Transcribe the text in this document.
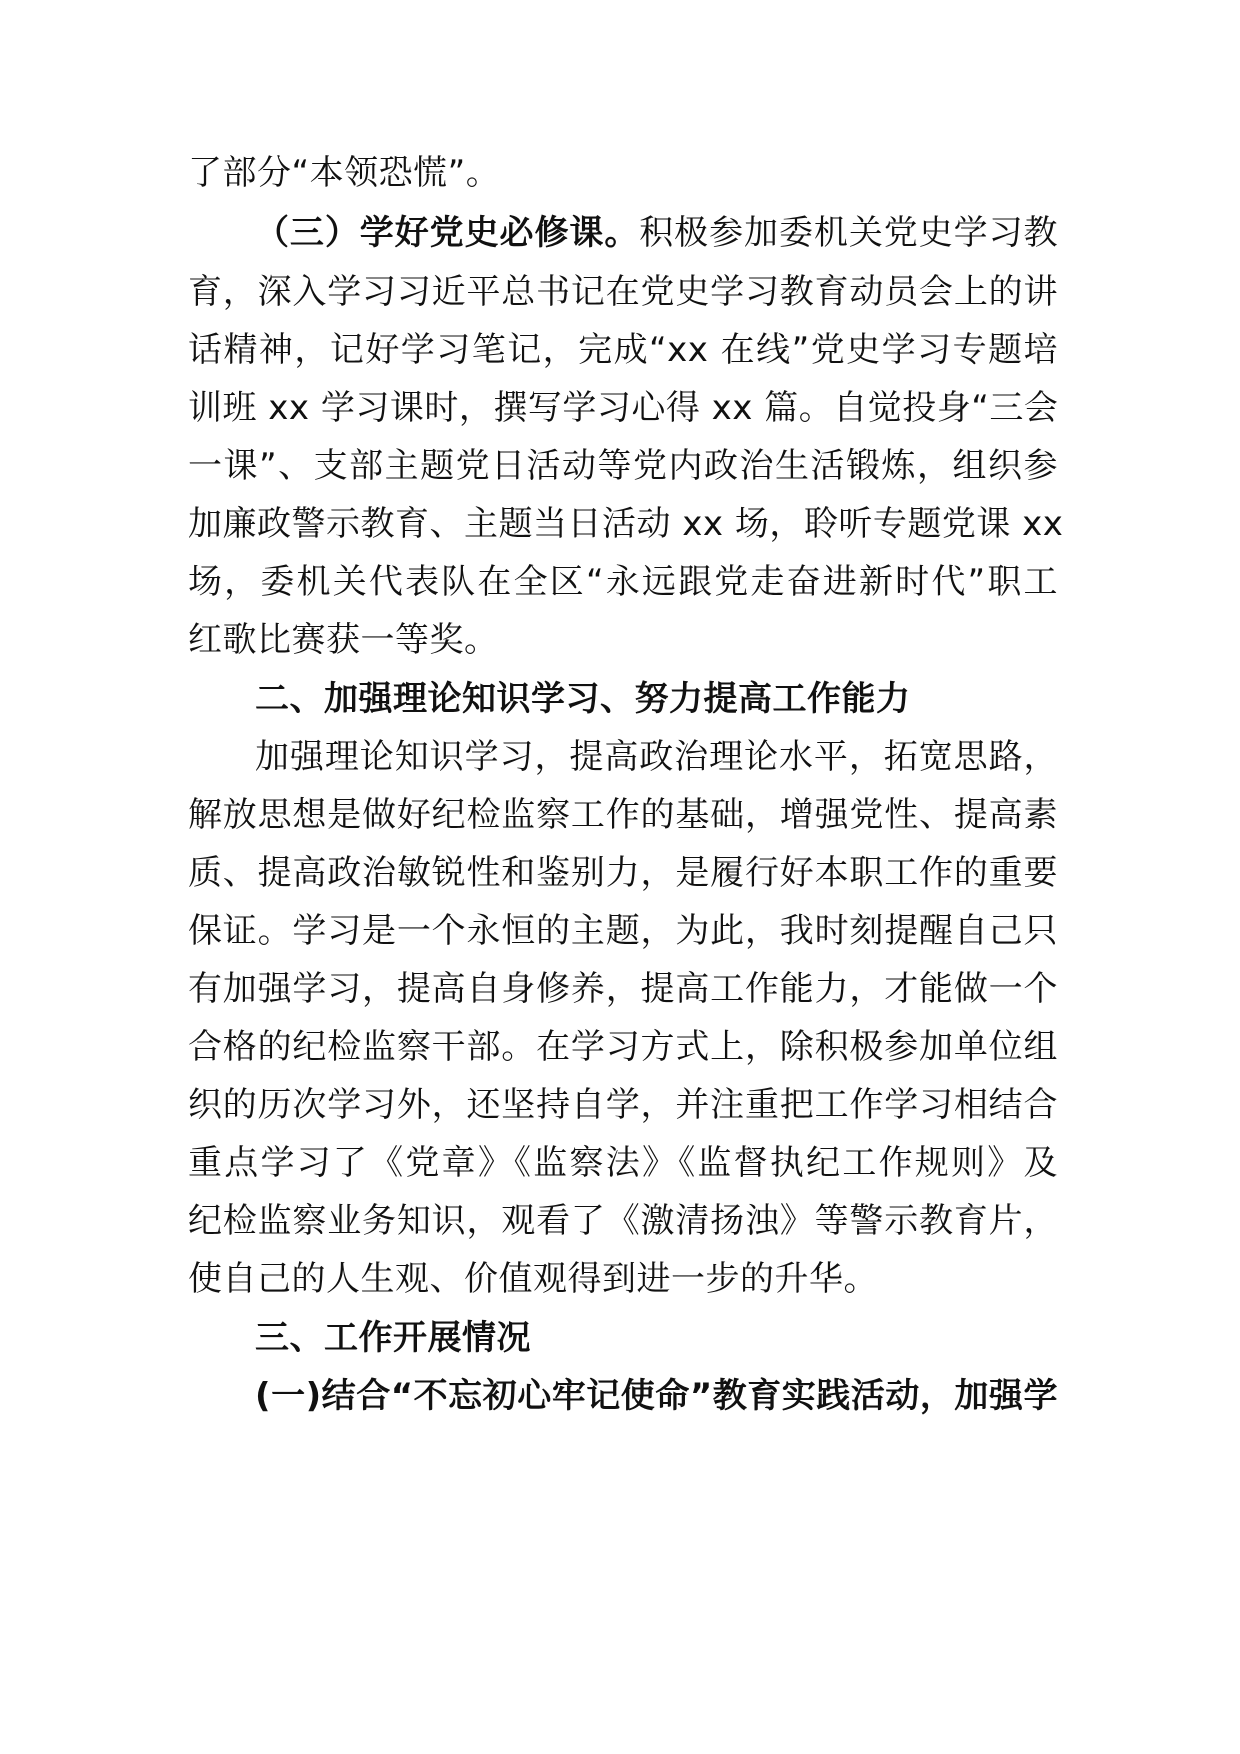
了部分“本领恐慌”。
（三）学好党史必修课。积极参加委机关党史学习教
育，深入学习习近平总书记在党史学习教育动员会上的讲
话精神，记好学习笔记，完成“xx 在线”党史学习专题培
训班 xx 学习课时，撰写学习心得 xx 篇。自觉投身“三会
一课”、支部主题党日活动等党内政治生活锻炼，组织参
加廉政警示教育、主题当日活动 xx 场，聆听专题党课 xx
场，委机关代表队在全区“永远跟党走奋进新时代”职工
红歌比赛获一等奖。
二、加强理论知识学习、努力提高工作能力
加强理论知识学习，提高政治理论水平，拓宽思路，
解放思想是做好纪检监察工作的基础，增强党性、提高素
质、提高政治敏锐性和鉴别力，是履行好本职工作的重要
保证。学习是一个永恒的主题，为此，我时刻提醒自己只
有加强学习，提高自身修养，提高工作能力，才能做一个
合格的纪检监察干部。在学习方式上，除积极参加单位组
织的历次学习外，还坚持自学，并注重把工作学习相结合
重点学习了《党章》《监察法》《监督执纪工作规则》及
纪检监察业务知识，观看了《激清扬浊》等警示教育片，
使自己的人生观、价值观得到进一步的升华。
三、工作开展情况
(一)结合“不忘初心牢记使命”教育实践活动，加强学
